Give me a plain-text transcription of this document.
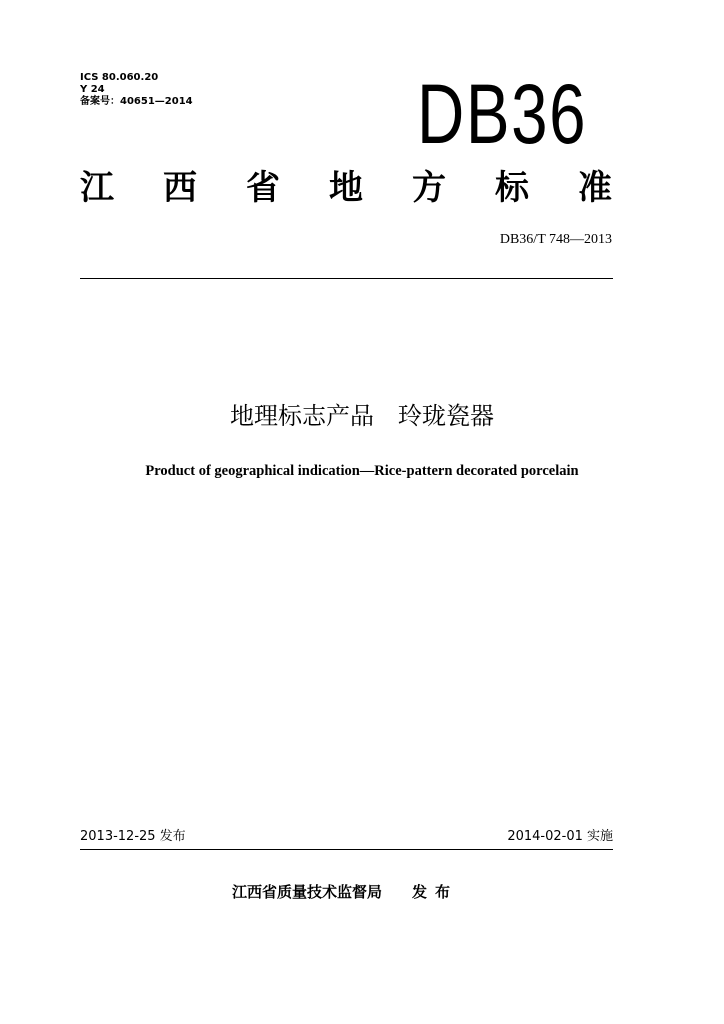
ICS 80.060.20
Y 24
备案号：40651—2014	DB36
江 西 省 地 方 标 准
DB36/T 748—2013
地理标志产品　玲珑瓷器
Product of geographical indication—Rice-pattern decorated porcelain
2013-12-25 发布	2014-02-01 实施
江西省质量技术监督局 发布
